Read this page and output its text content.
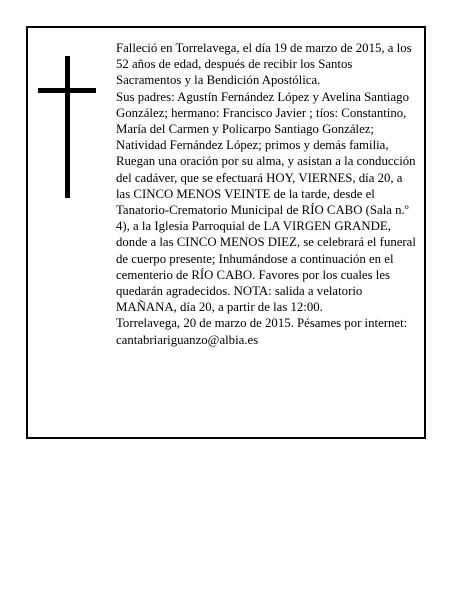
Falleció en Torrelavega, el día 19 de marzo de 2015, a los 52 años de edad, después de recibir los Santos Sacramentos y la Bendición Apostólica.

Sus padres: Agustín Fernández López y Avelina Santiago González; hermano: Francisco Javier ; tíos: Constantino, María del Carmen y Policarpo Santiago González; Natividad Fernández López; primos y demás familia,

Ruegan una oración por su alma, y asistan a la conducción del cadáver, que se efectuará HOY, VIERNES, día 20, a las CINCO MENOS VEINTE de la tarde, desde el Tanatorio-Crematorio Municipal de RÍO CABO (Sala n.º 4), a la Iglesia Parroquial de LA VIRGEN GRANDE, donde a las CINCO MENOS DIEZ, se celebrará el funeral de cuerpo presente; Inhumándose a continuación en el cementerio de RÍO CABO. Favores por los cuales les quedarán agradecidos. NOTA: salida a velatorio MAÑANA, día 20, a partir de las 12:00.

Torrelavega, 20 de marzo de 2015. Pésames por internet: cantabriariguanzo@albia.es
